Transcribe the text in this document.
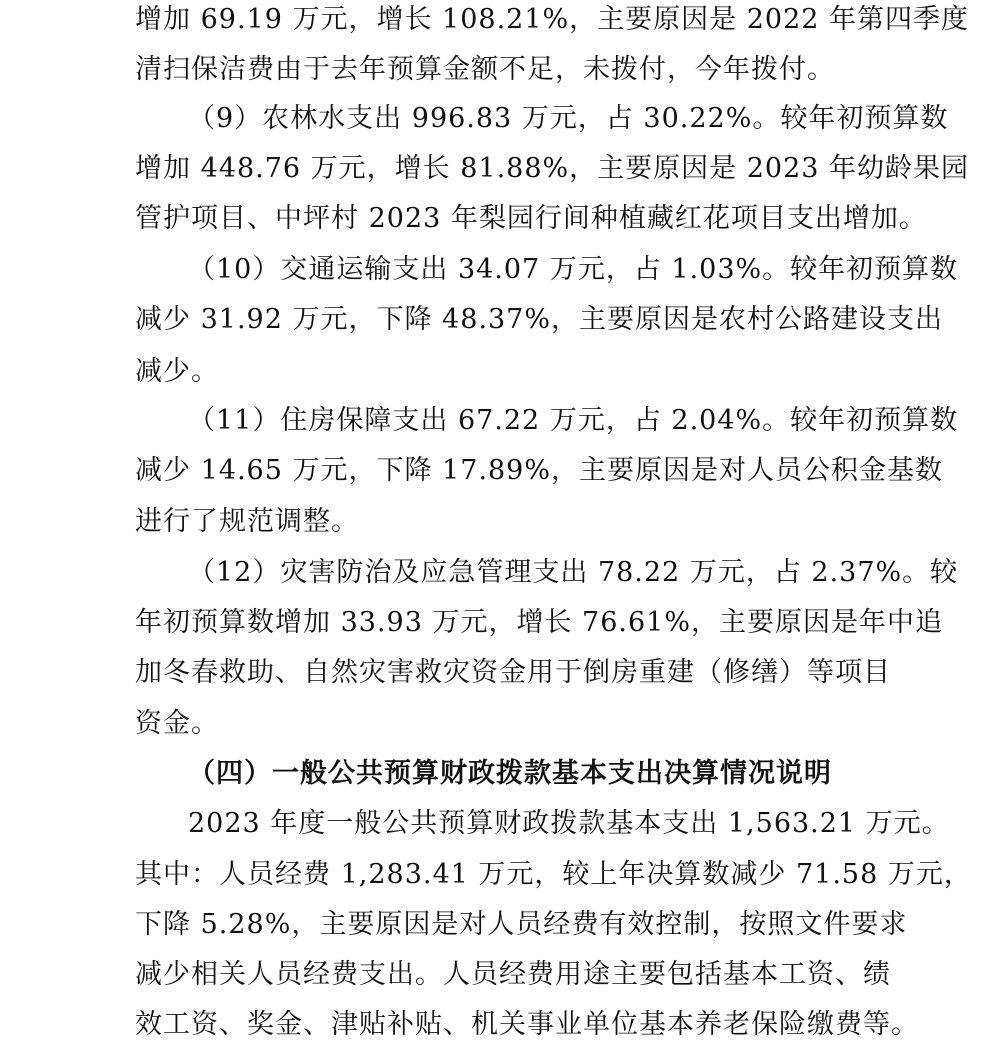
增加 69.19 万元，增长 108.21%，主要原因是 2022 年第四季度
清扫保洁费由于去年预算金额不足，未拨付，今年拨付。
（9）农林水支出 996.83 万元，占 30.22%。较年初预算数
增加 448.76 万元，增长 81.88%，主要原因是 2023 年幼龄果园
管护项目、中坪村 2023 年梨园行间种植藏红花项目支出增加。
（10）交通运输支出 34.07 万元，占 1.03%。较年初预算数
减少 31.92 万元，下降 48.37%，主要原因是农村公路建设支出
减少。
（11）住房保障支出 67.22 万元，占 2.04%。较年初预算数
减少 14.65 万元，下降 17.89%，主要原因是对人员公积金基数
进行了规范调整。
（12）灾害防治及应急管理支出 78.22 万元，占 2.37%。较
年初预算数增加 33.93 万元，增长 76.61%，主要原因是年中追
加冬春救助、自然灾害救灾资金用于倒房重建（修缮）等项目
资金。
（四）一般公共预算财政拨款基本支出决算情况说明
2023 年度一般公共预算财政拨款基本支出 1,563.21 万元。
其中：人员经费 1,283.41 万元，较上年决算数减少 71.58 万元，
下降 5.28%，主要原因是对人员经费有效控制，按照文件要求
减少相关人员经费支出。人员经费用途主要包括基本工资、绩
效工资、奖金、津贴补贴、机关事业单位基本养老保险缴费等。
